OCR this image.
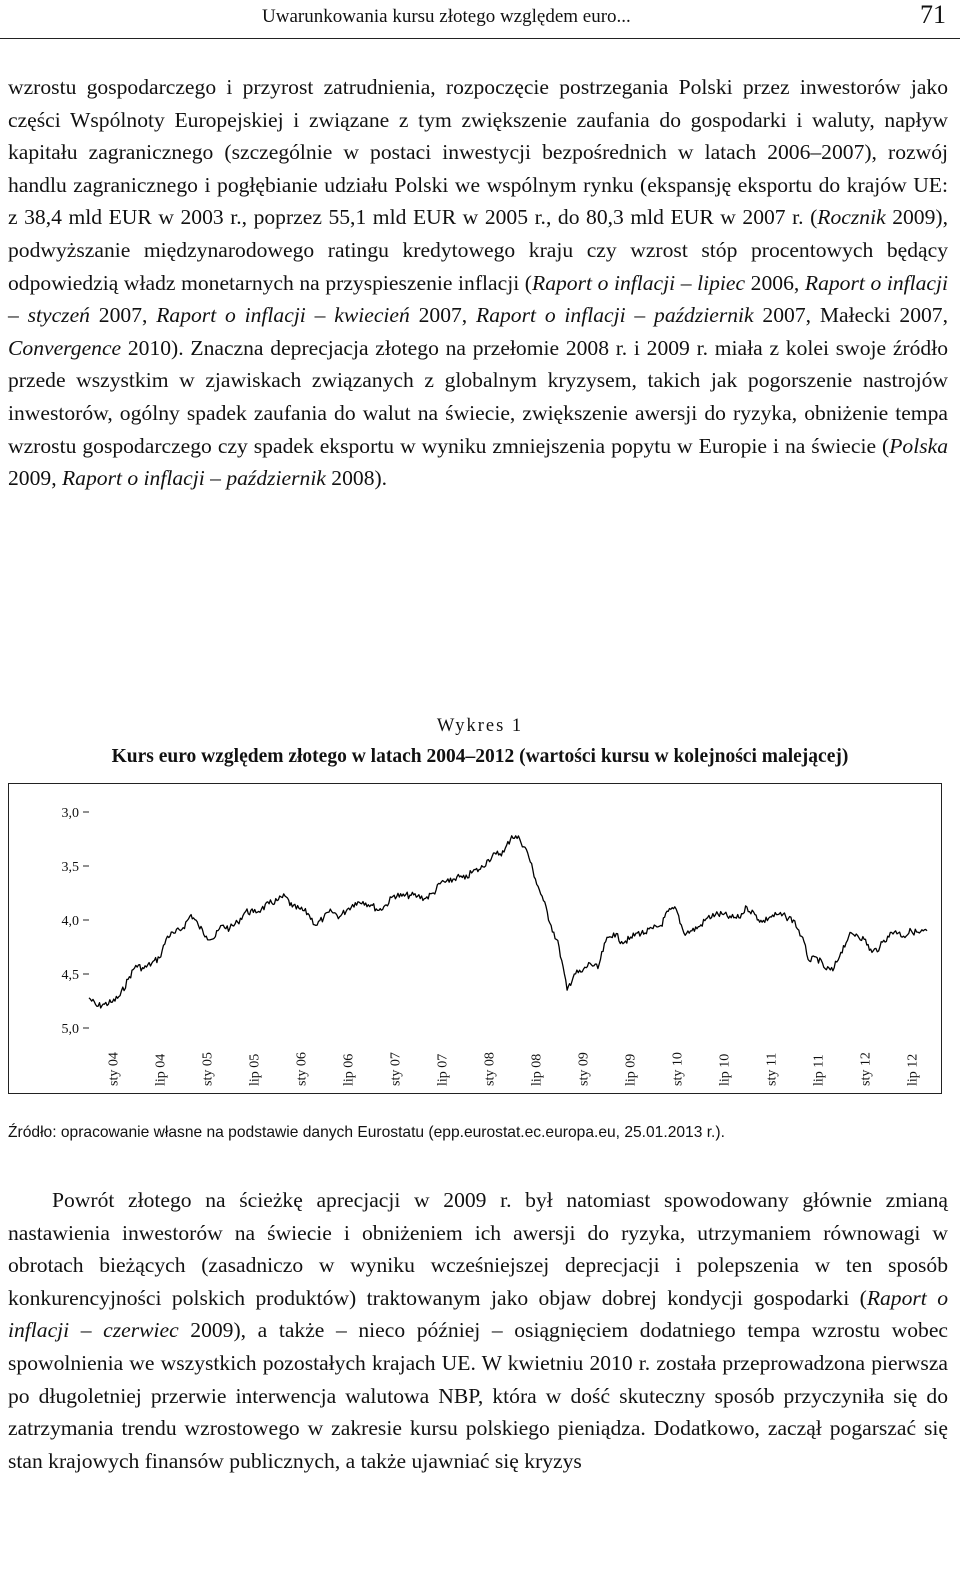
Uwarunkowania kursu złotego względem euro...	71
wzrostu gospodarczego i przyrost zatrudnienia, rozpoczęcie postrzegania Polski przez inwestorów jako części Wspólnoty Europejskiej i związane z tym zwiększenie zaufania do gospodarki i waluty, napływ kapitału zagranicznego (szczególnie w postaci inwestycji bezpośrednich w latach 2006–2007), rozwój handlu zagranicznego i pogłębianie udziału Polski we wspólnym rynku (ekspansję eksportu do krajów UE: z 38,4 mld EUR w 2003 r., poprzez 55,1 mld EUR w 2005 r., do 80,3 mld EUR w 2007 r. (Rocznik 2009), podwyższanie międzynarodowego ratingu kredytowego kraju czy wzrost stóp procentowych będący odpowiedzią władz monetarnych na przyspieszenie inflacji (Raport o inflacji – lipiec 2006, Raport o inflacji – styczeń 2007, Raport o inflacji – kwiecień 2007, Raport o inflacji – październik 2007, Małecki 2007, Convergence 2010). Znaczna deprecjacja złotego na przełomie 2008 r. i 2009 r. miała z kolei swoje źródło przede wszystkim w zjawiskach związanych z globalnym kryzysem, takich jak pogorszenie nastrojów inwestorów, ogólny spadek zaufania do walut na świecie, zwiększenie awersji do ryzyka, obniżenie tempa wzrostu gospodarczego czy spadek eksportu w wyniku zmniejszenia popytu w Europie i na świecie (Polska 2009, Raport o inflacji – październik 2008).
Wykres 1
Kurs euro względem złotego w latach 2004–2012 (wartości kursu w kolejności malejącej)
3,0
3,5
4,0
4,5
5,0
sty 04 lip 04 sty 05 lip 05 sty 06 lip 06 sty 07 lip 07 sty 08 lip 08 sty 09 lip 09 sty 10 lip 10 sty 11 lip 11 sty 12 lip 12
Źródło: opracowanie własne na podstawie danych Eurostatu (epp.eurostat.ec.europa.eu, 25.01.2013 r.).
Powrót złotego na ścieżkę aprecjacji w 2009 r. był natomiast spowodowany głównie zmianą nastawienia inwestorów na świecie i obniżeniem ich awersji do ryzyka, utrzymaniem równowagi w obrotach bieżących (zasadniczo w wyniku wcześniejszej deprecjacji i polepszenia w ten sposób konkurencyjności polskich produktów) traktowanym jako objaw dobrej kondycji gospodarki (Raport o inflacji – czerwiec 2009), a także – nieco później – osiągnięciem dodatniego tempa wzrostu wobec spowolnienia we wszystkich pozostałych krajach UE. W kwietniu 2010 r. została przeprowadzona pierwsza po długoletniej przerwie interwencja walutowa NBP, która w dość skuteczny sposób przyczyniła się do zatrzymania trendu wzrostowego w zakresie kursu polskiego pieniądza. Dodatkowo, zaczął pogarszać się stan krajowych finansów publicznych, a także ujawniać się kryzys
